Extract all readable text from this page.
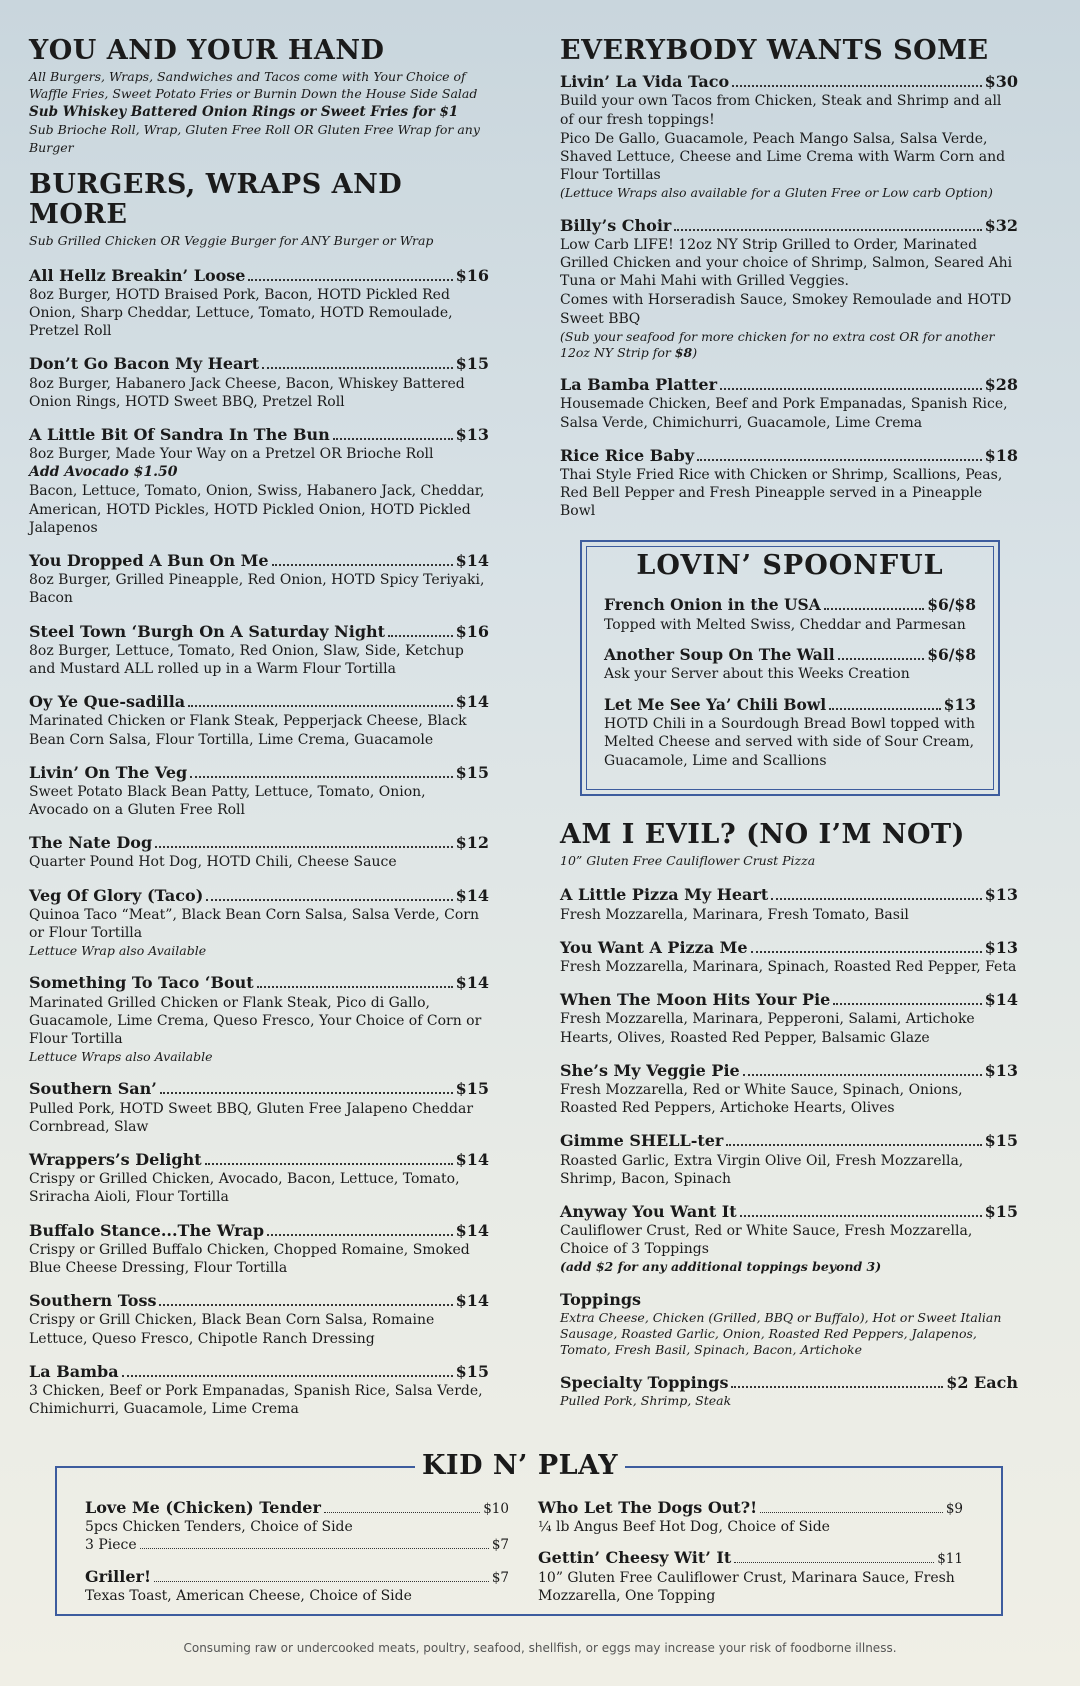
YOU AND YOUR HAND

All Burgers, Wraps, Sandwiches and Tacos come with Your Choice of Waffle Fries, Sweet Potato Fries or Burnin Down the House Side Salad
Sub Whiskey Battered Onion Rings or Sweet Fries for $1
Sub Brioche Roll, Wrap, Gluten Free Roll OR Gluten Free Wrap for any Burger

BURGERS, WRAPS AND MORE

Sub Grilled Chicken OR Veggie Burger for ANY Burger or Wrap

All Hellz Breakin’ Loose	$16
8oz Burger, HOTD Braised Pork, Bacon, HOTD Pickled Red Onion, Sharp Cheddar, Lettuce, Tomato, HOTD Remoulade, Pretzel Roll
Don’t Go Bacon My Heart	$15
8oz Burger, Habanero Jack Cheese, Bacon, Whiskey Battered Onion Rings, HOTD Sweet BBQ, Pretzel Roll
A Little Bit Of Sandra In The Bun	$13
8oz Burger, Made Your Way on a Pretzel OR Brioche Roll
Add Avocado $1.50
Bacon, Lettuce, Tomato, Onion, Swiss, Habanero Jack, Cheddar, American, HOTD Pickles, HOTD Pickled Onion, HOTD Pickled Jalapenos
You Dropped A Bun On Me	$14
8oz Burger, Grilled Pineapple, Red Onion, HOTD Spicy Teriyaki, Bacon
Steel Town ‘Burgh On A Saturday Night	$16
8oz Burger, Lettuce, Tomato, Red Onion, Slaw, Side, Ketchup and Mustard ALL rolled up in a Warm Flour Tortilla
Oy Ye Que-sadilla	$14
Marinated Chicken or Flank Steak, Pepperjack Cheese, Black Bean Corn Salsa, Flour Tortilla, Lime Crema, Guacamole
Livin’ On The Veg	$15
Sweet Potato Black Bean Patty, Lettuce, Tomato, Onion, Avocado on a Gluten Free Roll
The Nate Dog	$12
Quarter Pound Hot Dog, HOTD Chili, Cheese Sauce
Veg Of Glory (Taco)	$14
Quinoa Taco “Meat”, Black Bean Corn Salsa, Salsa Verde, Corn or Flour Tortilla
Lettuce Wrap also Available
Something To Taco ‘Bout	$14
Marinated Grilled Chicken or Flank Steak, Pico di Gallo, Guacamole, Lime Crema, Queso Fresco, Your Choice of Corn or Flour Tortilla
Lettuce Wraps also Available
Southern San’	$15
Pulled Pork, HOTD Sweet BBQ, Gluten Free Jalapeno Cheddar Cornbread, Slaw
Wrappers’s Delight	$14
Crispy or Grilled Chicken, Avocado, Bacon, Lettuce, Tomato, Sriracha Aioli, Flour Tortilla
Buffalo Stance...The Wrap	$14
Crispy or Grilled Buffalo Chicken, Chopped Romaine, Smoked Blue Cheese Dressing, Flour Tortilla
Southern Toss	$14
Crispy or Grill Chicken, Black Bean Corn Salsa, Romaine Lettuce, Queso Fresco, Chipotle Ranch Dressing
La Bamba	$15
3 Chicken, Beef or Pork Empanadas, Spanish Rice, Salsa Verde, Chimichurri, Guacamole, Lime Crema
EVERYBODY WANTS SOME
Livin’ La Vida Taco	$30
Build your own Tacos from Chicken, Steak and Shrimp and all of our fresh toppings!
Pico De Gallo, Guacamole, Peach Mango Salsa, Salsa Verde, Shaved Lettuce, Cheese and Lime Crema with Warm Corn and Flour Tortillas
(Lettuce Wraps also available for a Gluten Free or Low carb Option)
Billy’s Choir	$32
Low Carb LIFE! 12oz NY Strip Grilled to Order, Marinated Grilled Chicken and your choice of Shrimp, Salmon, Seared Ahi Tuna or Mahi Mahi with Grilled Veggies.
Comes with Horseradish Sauce, Smokey Remoulade and HOTD Sweet BBQ
(Sub your seafood for more chicken for no extra cost OR for another 12oz NY Strip for $8)
La Bamba Platter	$28
Housemade Chicken, Beef and Pork Empanadas, Spanish Rice, Salsa Verde, Chimichurri, Guacamole, Lime Crema
Rice Rice Baby	$18
Thai Style Fried Rice with Chicken or Shrimp, Scallions, Peas, Red Bell Pepper and Fresh Pineapple served in a Pineapple Bowl
LOVIN’ SPOONFUL
French Onion in the USA	$6/$8
Topped with Melted Swiss, Cheddar and Parmesan
Another Soup On The Wall	$6/$8
Ask your Server about this Weeks Creation
Let Me See Ya’ Chili Bowl	$13
HOTD Chili in a Sourdough Bread Bowl topped with Melted Cheese and served with side of Sour Cream, Guacamole, Lime and Scallions
AM I EVIL? (NO I’M NOT)

10” Gluten Free Cauliflower Crust Pizza

A Little Pizza My Heart	$13
Fresh Mozzarella, Marinara, Fresh Tomato, Basil
You Want A Pizza Me	$13
Fresh Mozzarella, Marinara, Spinach, Roasted Red Pepper, Feta
When The Moon Hits Your Pie	$14
Fresh Mozzarella, Marinara, Pepperoni, Salami, Artichoke Hearts, Olives, Roasted Red Pepper, Balsamic Glaze
She’s My Veggie Pie	$13
Fresh Mozzarella, Red or White Sauce, Spinach, Onions, Roasted Red Peppers, Artichoke Hearts, Olives
Gimme SHELL-ter	$15
Roasted Garlic, Extra Virgin Olive Oil, Fresh Mozzarella, Shrimp, Bacon, Spinach
Anyway You Want It	$15
Cauliflower Crust, Red or White Sauce, Fresh Mozzarella, Choice of 3 Toppings
(add $2 for any additional toppings beyond 3)
Toppings
Extra Cheese, Chicken (Grilled, BBQ or Buffalo), Hot or Sweet Italian Sausage, Roasted Garlic, Onion, Roasted Red Peppers, Jalapenos, Tomato, Fresh Basil, Spinach, Bacon, Artichoke
Specialty Toppings	$2 Each
Pulled Pork, Shrimp, Steak
KID N’ PLAY
Love Me (Chicken) Tender	$10
5pcs Chicken Tenders, Choice of Side
3 Piece	$7
Griller!	$7
Texas Toast, American Cheese, Choice of Side
Who Let The Dogs Out?!	$9
¼ lb Angus Beef Hot Dog, Choice of Side
Gettin’ Cheesy Wit’ It	$11
10” Gluten Free Cauliflower Crust, Marinara Sauce, Fresh Mozzarella, One Topping
Consuming raw or undercooked meats, poultry, seafood, shellfish, or eggs may increase your risk of foodborne illness.
